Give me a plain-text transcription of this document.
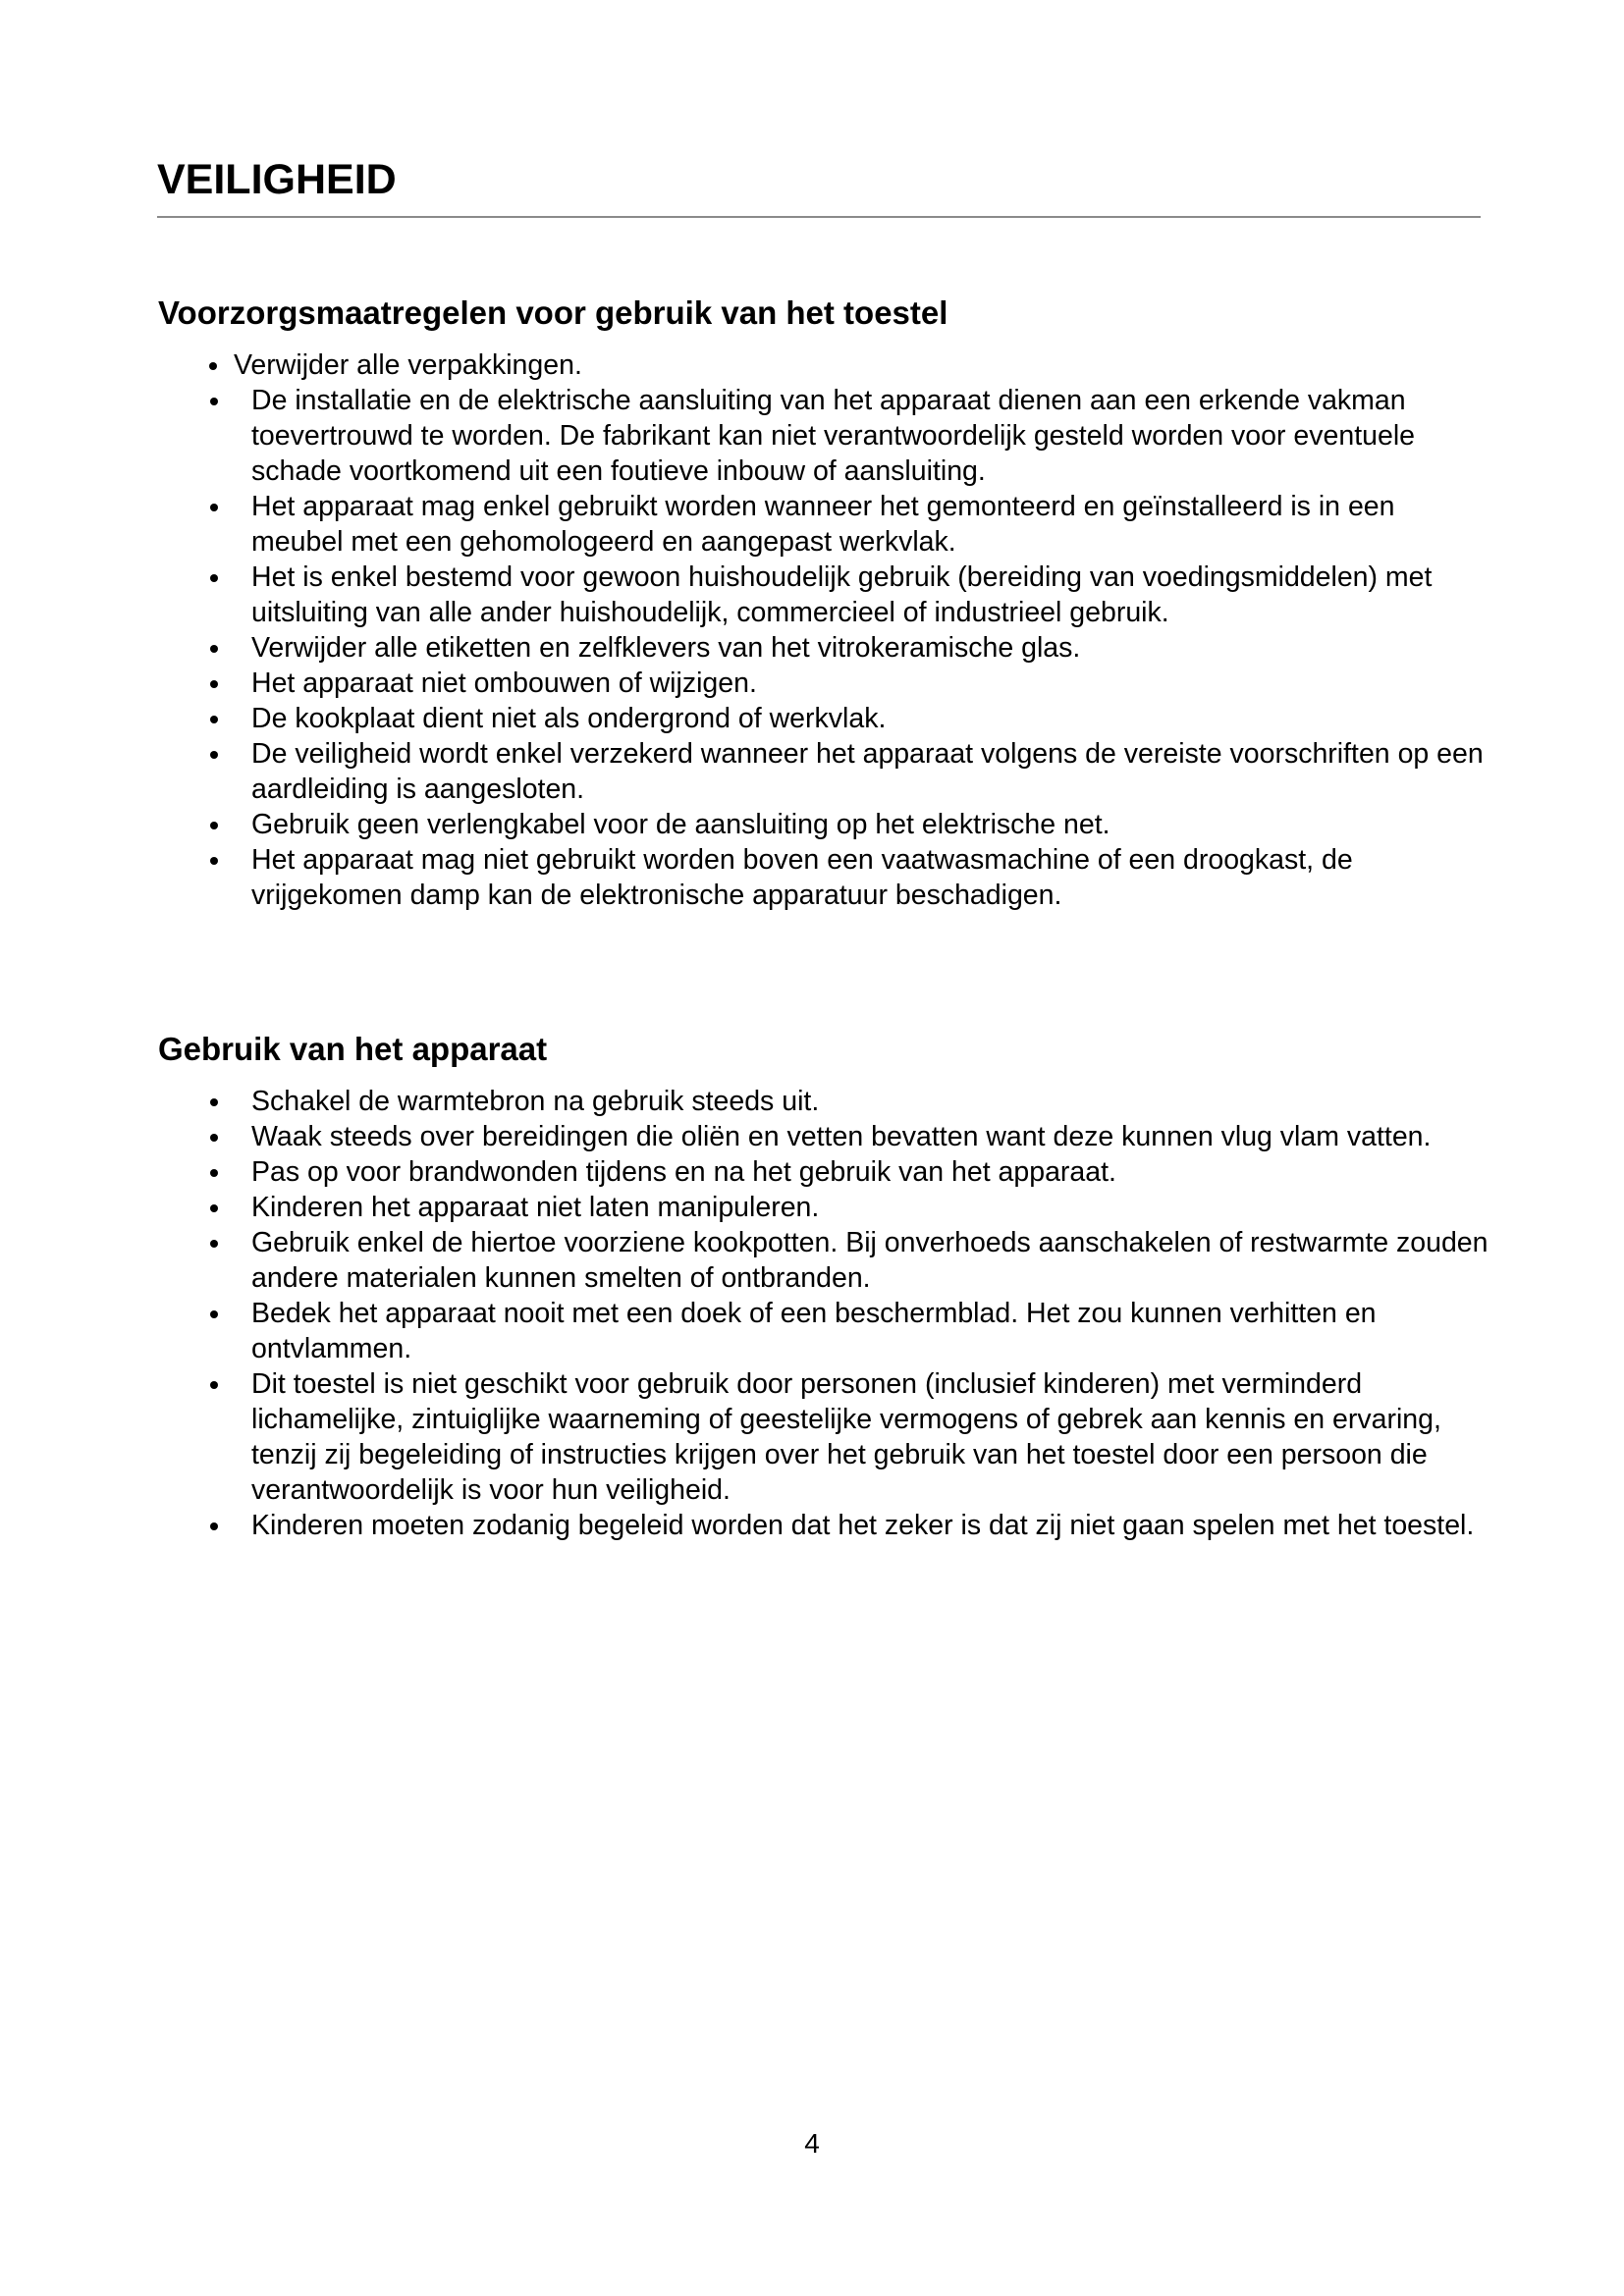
VEILIGHEID
Voorzorgsmaatregelen voor gebruik van het toestel
Verwijder alle verpakkingen.
De installatie en de elektrische aansluiting van het apparaat dienen aan een erkende vakman toevertrouwd te worden. De fabrikant kan niet verantwoordelijk gesteld worden voor eventuele schade voortkomend uit een foutieve inbouw of aansluiting.
Het apparaat mag enkel gebruikt worden wanneer het gemonteerd en geïnstalleerd is in een meubel met een gehomologeerd en aangepast werkvlak.
Het is enkel bestemd voor gewoon huishoudelijk gebruik (bereiding van voedingsmiddelen) met uitsluiting van alle ander huishoudelijk, commercieel of industrieel gebruik.
Verwijder alle etiketten en zelfklevers van het vitrokeramische glas.
Het apparaat niet ombouwen of wijzigen.
De kookplaat dient niet als ondergrond of werkvlak.
De veiligheid wordt enkel verzekerd wanneer het apparaat volgens de vereiste voorschriften op een aardleiding is aangesloten.
Gebruik geen verlengkabel voor de aansluiting op het elektrische net.
Het apparaat mag niet gebruikt worden boven een vaatwasmachine of een droogkast, de vrijgekomen damp kan de elektronische apparatuur beschadigen.
Gebruik van het apparaat
Schakel de warmtebron na gebruik steeds uit.
Waak steeds over bereidingen die oliën en vetten bevatten want deze kunnen vlug vlam vatten.
Pas op voor brandwonden tijdens en na het gebruik van het apparaat.
Kinderen het apparaat niet laten manipuleren.
Gebruik enkel de hiertoe voorziene kookpotten. Bij onverhoeds aanschakelen of restwarmte zouden andere materialen kunnen smelten of ontbranden.
Bedek het apparaat nooit met een doek of een beschermblad. Het zou kunnen verhitten en ontvlammen.
Dit toestel is niet geschikt voor gebruik door personen (inclusief kinderen) met verminderd lichamelijke, zintuiglijke waarneming of geestelijke vermogens of gebrek aan kennis en ervaring, tenzij zij begeleiding of instructies krijgen over het gebruik van het toestel door een persoon die verantwoordelijk is voor hun veiligheid.
Kinderen moeten zodanig begeleid worden dat het zeker is dat zij niet gaan spelen met het toestel.
4
